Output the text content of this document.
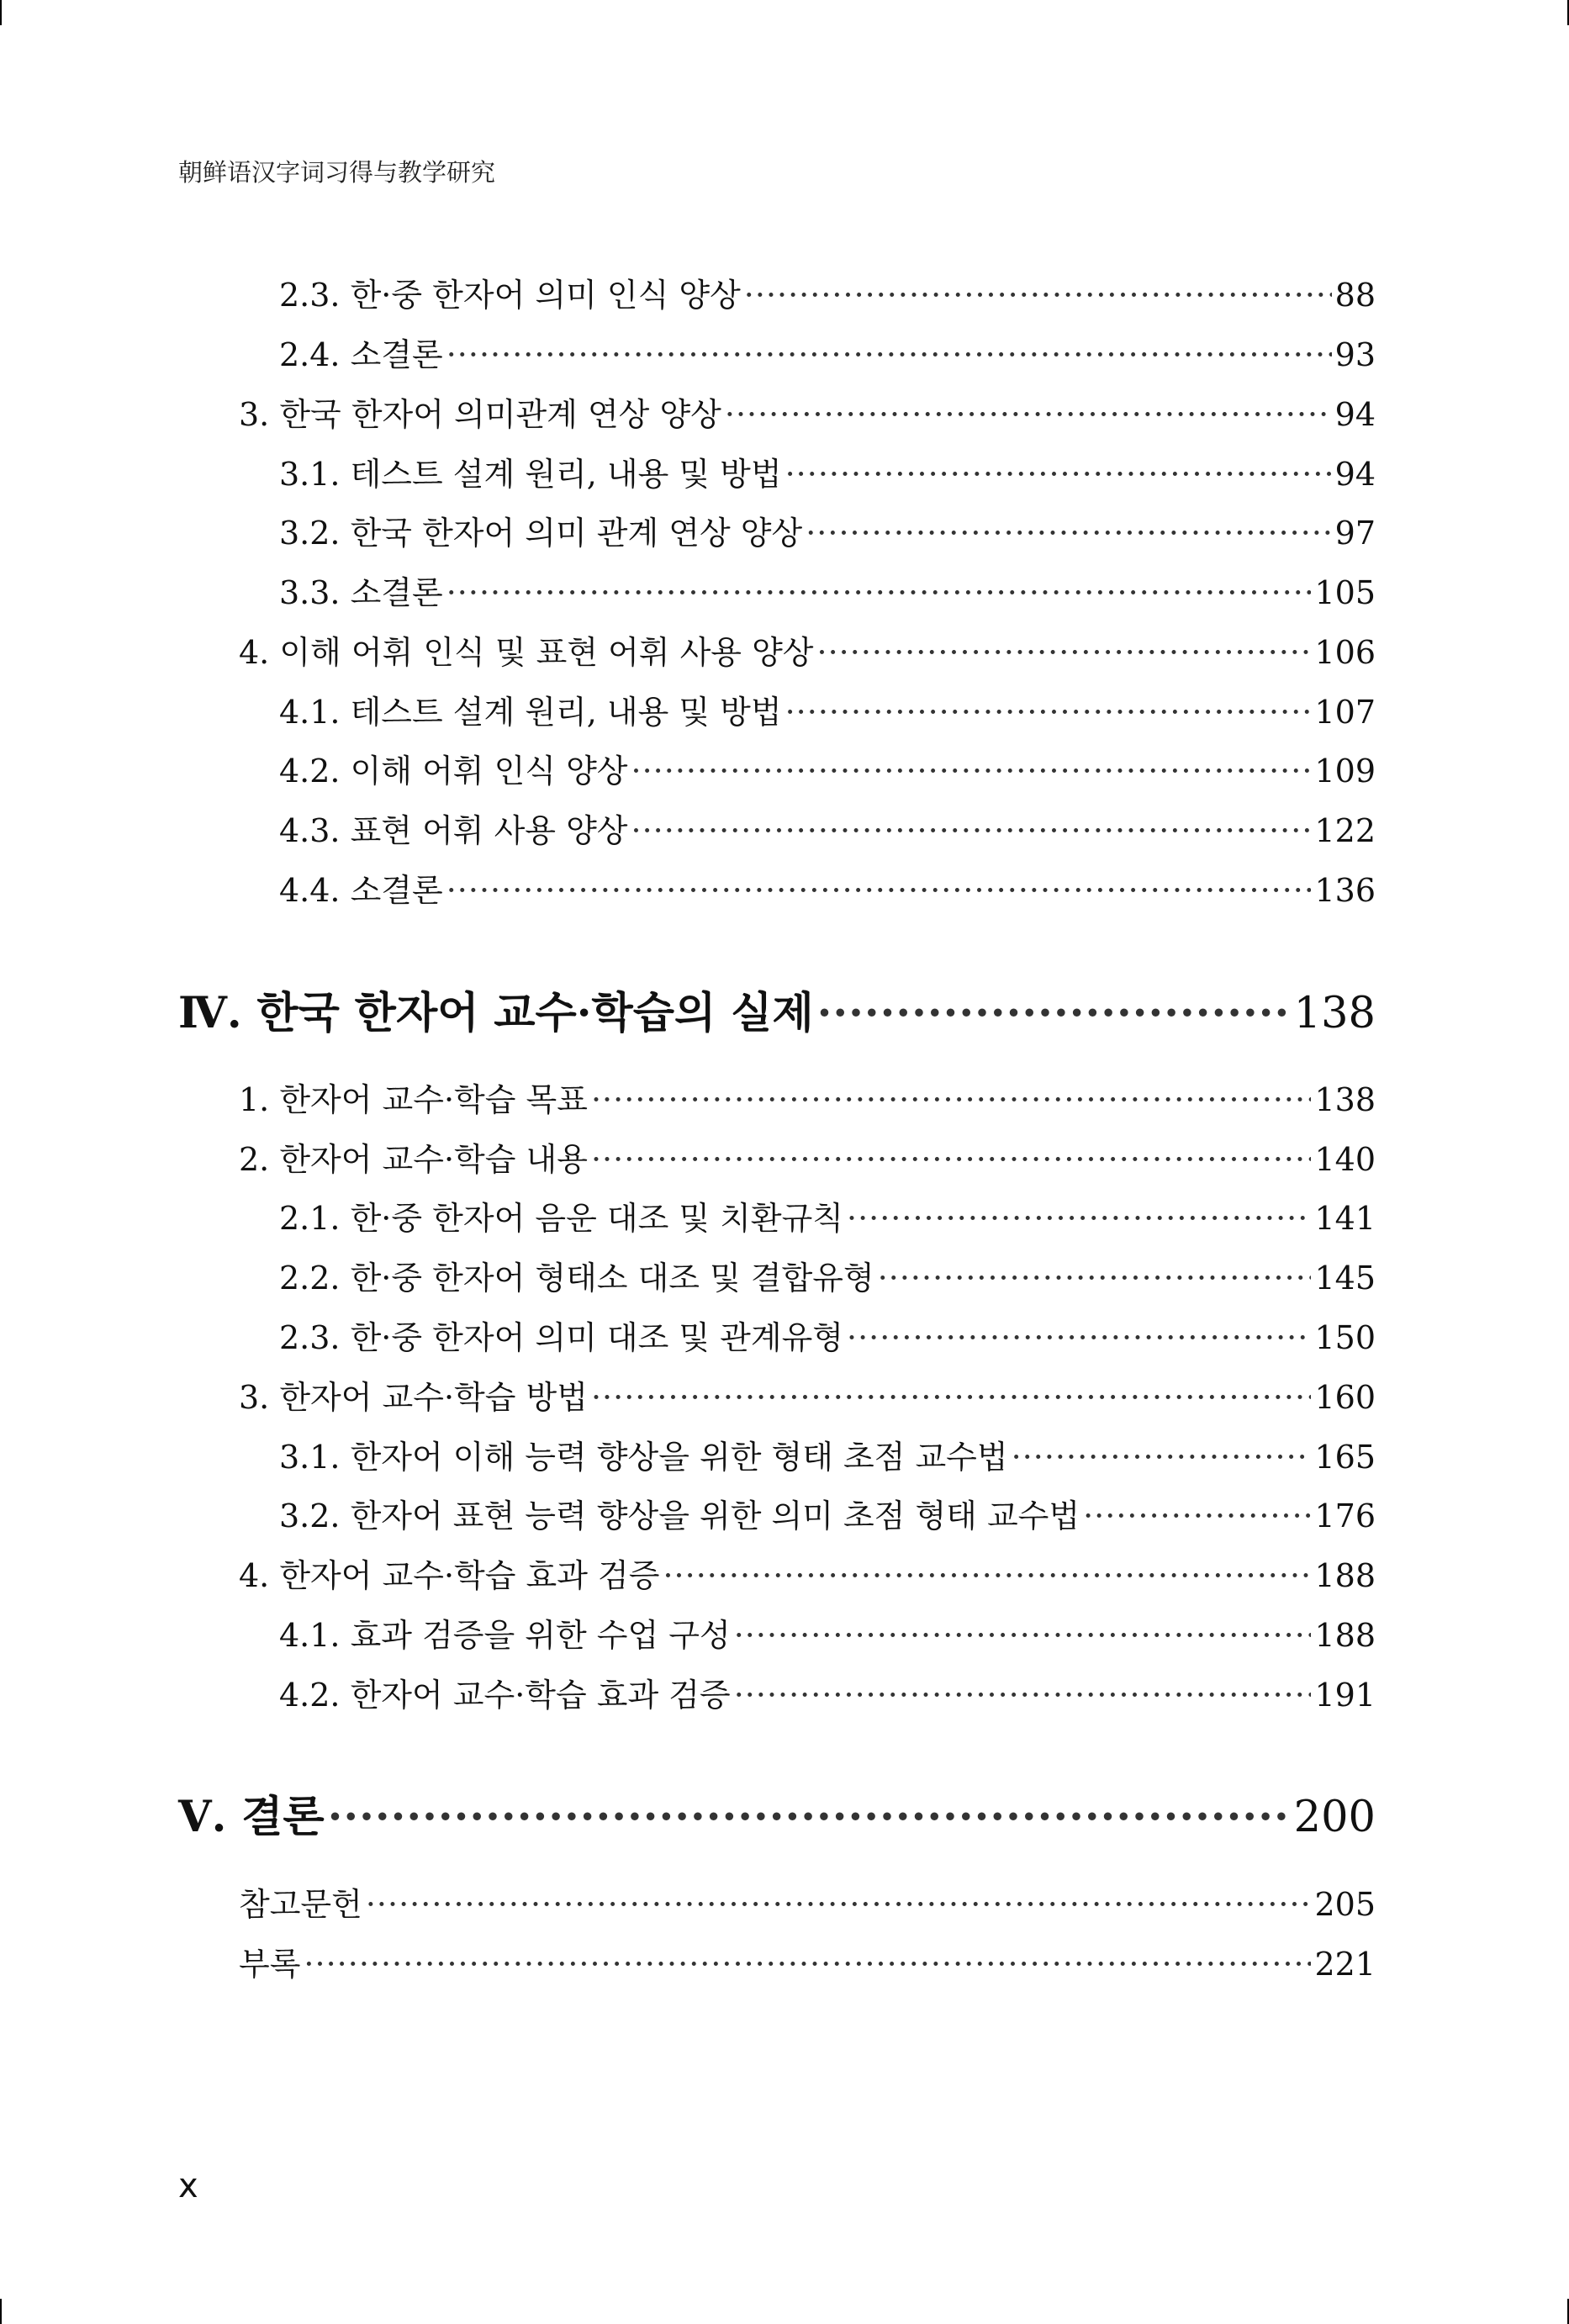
朝鲜语汉字词习得与教学研究
2.3. 한·중 한자어 의미 인식 양상 ·····	88
2.4. 소결론 ·····	93
3. 한국 한자어 의미관계 연상 양상 ·····	94
3.1. 테스트 설계 원리, 내용 및 방법 ·····	94
3.2. 한국 한자어 의미 관계 연상 양상 ·····	97
3.3. 소결론 ·····	105
4. 이해 어휘 인식 및 표현 어휘 사용 양상 ·····	106
4.1. 테스트 설계 원리, 내용 및 방법 ·····	107
4.2. 이해 어휘 인식 양상 ·····	109
4.3. 표현 어휘 사용 양상 ·····	122
4.4. 소결론 ·····	136
Ⅳ. 한국 한자어 교수·학습의 실제 ·····	138
1. 한자어 교수·학습 목표 ·····	138
2. 한자어 교수·학습 내용 ·····	140
2.1. 한·중 한자어 음운 대조 및 치환규칙 ·····	141
2.2. 한·중 한자어 형태소 대조 및 결합유형 ·····	145
2.3. 한·중 한자어 의미 대조 및 관계유형 ·····	150
3. 한자어 교수·학습 방법 ·····	160
3.1. 한자어 이해 능력 향상을 위한 형태 초점 교수법 ·····	165
3.2. 한자어 표현 능력 향상을 위한 의미 초점 형태 교수법 ·····	176
4. 한자어 교수·학습 효과 검증 ·····	188
4.1. 효과 검증을 위한 수업 구성 ·····	188
4.2. 한자어 교수·학습 효과 검증 ·····	191
Ⅴ. 결론 ·····	200
참고문헌 ·····	205
부록 ·····	221
x
